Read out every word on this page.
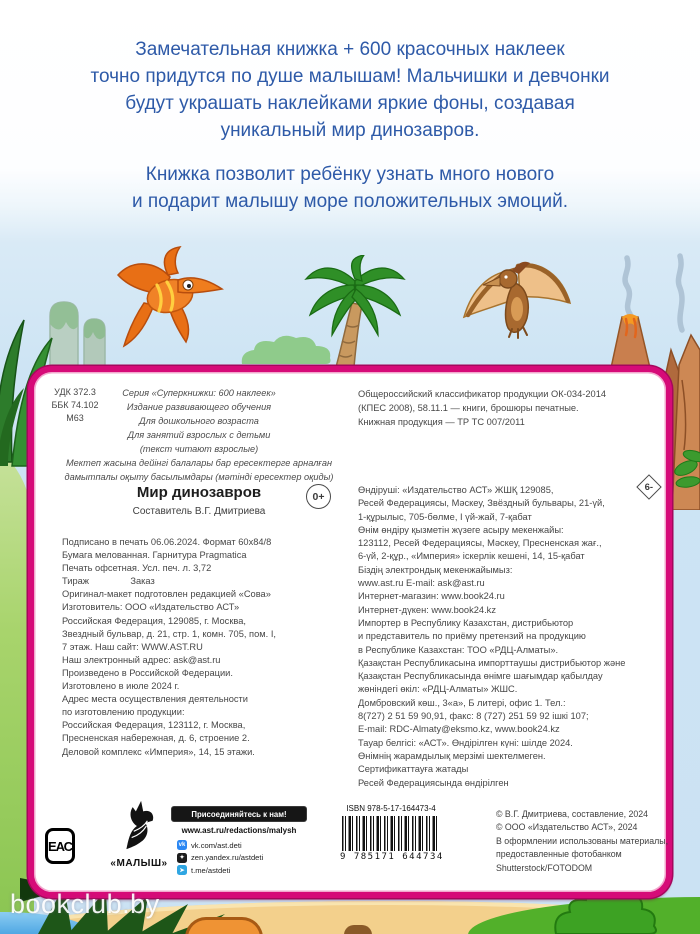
Замечательная книжка + 600 красочных наклеек
точно придутся по душе малышам! Мальчишки и девчонки
будут украшать наклейками яркие фоны, создавая
уникальный мир динозавров.
Книжка позволит ребёнку узнать много нового
и подарит малышу море положительных эмоций.
УДК 372.3
ББК 74.102
М63
Серия «Суперкнижки: 600 наклеек»
Издание развивающего обучения
Для дошкольного возраста
Для занятий взрослых с детьми
(текст читают взрослые)
Мектеп жасына дейінгі балалары бар ересектерге арналған
дамытпалы оқыту басылымдары (мәтінді ересектер оқиды)
Мир динозавров
Составитель В.Г. Дмитриева
0+
Подписано в печать 06.06.2024. Формат 60х84/8
Бумага мелованная. Гарнитура Pragmatica
Печать офсетная. Усл. печ. л. 3,72
Тираж                Заказ
Оригинал-макет подготовлен редакцией «Сова»
Изготовитель: ООО «Издательство АСТ»
Российская Федерация, 129085, г. Москва,
Звездный бульвар, д. 21, стр. 1, комн. 705, пом. I,
7 этаж. Наш сайт: WWW.AST.RU
Наш электронный адрес: ask@ast.ru
Произведено в Российской Федерации.
Изготовлено в июле 2024 г.
Адрес места осуществления деятельности
по изготовлению продукции:
Российская Федерация, 123112, г. Москва,
Пресненская набережная, д. 6, строение 2.
Деловой комплекс «Империя», 14, 15 этажи.
Общероссийский классификатор продукции ОК-034-2014
(КПЕС 2008), 58.11.1 — книги, брошюры печатные.
Книжная продукция — ТР ТС 007/2011
Өндіруші: «Издательство АСТ» ЖШҚ 129085,
Ресей Федерациясы, Мәскеу, Звёздный бульвары, 21-үй,
1-құрылыс, 705-бөлме, I үй-жай, 7-қабат
Өнім өндіру қызметін жүзеге асыру мекенжайы:
123112, Ресей Федерациясы, Мәскеу, Пресненская жағ.,
6-үй, 2-құр., «Империя» іскерлік кешені, 14, 15-қабат
Біздің электрондық мекенжайымыз:
www.ast.ru E-mail: ask@ast.ru
Интернет-магазин: www.book24.ru
Интернет-дүкен: www.book24.kz
Импортер в Республику Казахстан, дистрибьютор
и представитель по приёму претензий на продукцию
в Республике Казахстан: ТОО «РДЦ-Алматы».
Қазақстан Республикасына импорттаушы дистрибьютор және
Қазақстан Республикасында өнімге шағымдар қабылдау
жөніндегі өкіл: «РДЦ-Алматы» ЖШС.
Домбровский көш., 3«а», Б литері, офис 1. Тел.:
8(727) 2 51 59 90,91, факс: 8 (727) 251 59 92 ішкі 107;
E-mail: RDC-Almaty@eksmo.kz, www.book24.kz
Тауар белгісі: «АСТ». Өндірілген күні: шілде 2024.
Өнімнің жарамдылық мерзімі шектелмеген.
Сертификаттауға жатады
Ресей Федерациясында өндірілген
6-
ЕАС
«МАЛЫШ»
Присоединяйтесь к нам!
www.ast.ru/redactions/malysh
vk vk.com/ast.deti
✦ zen.yandex.ru/astdeti
➤ t.me/astdeti
ISBN 978-5-17-164473-4
9 785171 644734
© В.Г. Дмитриева, составление, 2024
© ООО «Издательство АСТ», 2024
В оформлении использованы материалы,
предоставленные фотобанком
Shutterstock/FOTODOM
bookclub.by
